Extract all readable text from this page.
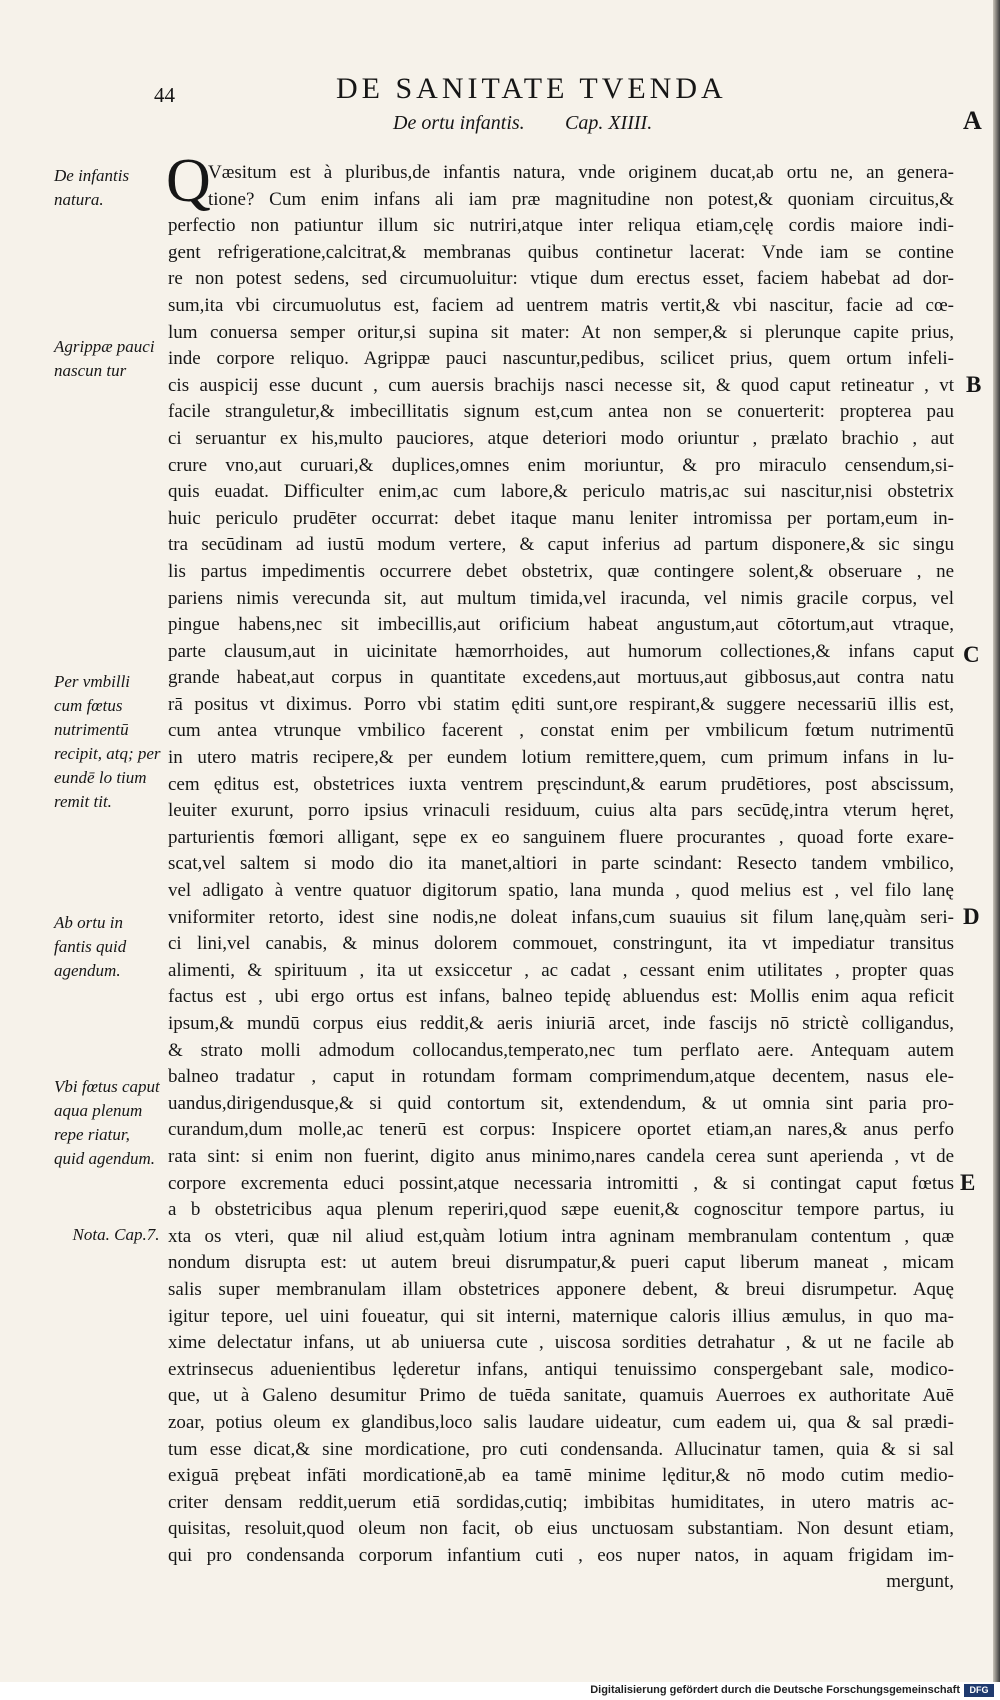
44	DE SANITATE TVENDA
De ortu infantis. Cap. XIIII.	A
B
C
D
E
De infantis natura.
Agrippæ pauci nascun tur
Per vmbilli cum fœtus nutrimentū recipit, atq; per eundē lo tium remit tit.
Ab ortu in fantis quid agendum.
Vbi fœtus caput aqua plenum repe riatur, quid agendum.
Nota. Cap.7.
Q
Væsitum est à pluribus,de infantis natura, vnde originem ducat,ab ortu ne, an genera-
tione? Cum enim infans ali iam præ magnitudine non potest,& quoniam circuitus,&
perfectio non patiuntur illum sic nutriri,atque inter reliqua etiam,cęlę cordis maiore indi-
gent refrigeratione,calcitrat,& membranas quibus continetur lacerat: Vnde iam se contine
re non potest sedens, sed circumuoluitur: vtique dum erectus esset, faciem habebat ad dor-
sum,ita vbi circumuolutus est, faciem ad uentrem matris vertit,& vbi nascitur, facie ad cœ-
lum conuersa semper oritur,si supina sit mater: At non semper,& si plerunque capite prius,
inde corpore reliquo. Agrippæ pauci nascuntur,pedibus, scilicet prius, quem ortum infeli-
cis auspicij esse ducunt , cum auersis brachijs nasci necesse sit, & quod caput retineatur , vt
facile stranguletur,& imbecillitatis signum est,cum antea non se conuerterit: propterea pau
ci seruantur ex his,multo pauciores, atque deteriori modo oriuntur , prælato brachio , aut
crure vno,aut curuari,& duplices,omnes enim moriuntur, & pro miraculo censendum,si-
quis euadat. Difficulter enim,ac cum labore,& periculo matris,ac sui nascitur,nisi obstetrix
huic periculo prudēter occurrat: debet itaque manu leniter intromissa per portam,eum in-
tra secūdinam ad iustū modum vertere, & caput inferius ad partum disponere,& sic singu
lis partus impedimentis occurrere debet obstetrix, quæ contingere solent,& obseruare , ne
pariens nimis verecunda sit, aut multum timida,vel iracunda, vel nimis gracile corpus, vel
pingue habens,nec sit imbecillis,aut orificium habeat angustum,aut cōtortum,aut vtraque,
parte clausum,aut in uicinitate hæmorrhoides, aut humorum collectiones,& infans caput
grande habeat,aut corpus in quantitate excedens,aut mortuus,aut gibbosus,aut contra natu
rā positus vt diximus. Porro vbi statim ęditi sunt,ore respirant,& suggere necessariū illis est,
cum antea vtrunque vmbilico facerent , constat enim per vmbilicum fœtum nutrimentū
in utero matris recipere,& per eundem lotium remittere,quem, cum primum infans in lu-
cem ęditus est, obstetrices iuxta ventrem pręscindunt,& earum prudētiores, post abscissum,
leuiter exurunt, porro ipsius vrinaculi residuum, cuius alta pars secūdę,intra vterum hęret,
parturientis fœmori alligant, sępe ex eo sanguinem fluere procurantes , quoad forte exare-
scat,vel saltem si modo dio ita manet,altiori in parte scindant: Resecto tandem vmbilico,
vel adligato à ventre quatuor digitorum spatio, lana munda , quod melius est , vel filo lanę
vniformiter retorto, idest sine nodis,ne doleat infans,cum suauius sit filum lanę,quàm seri-
ci lini,vel canabis, & minus dolorem commouet, constringunt, ita vt impediatur transitus
alimenti, & spirituum , ita ut exsiccetur , ac cadat , cessant enim utilitates , propter quas
factus est , ubi ergo ortus est infans, balneo tepidę abluendus est: Mollis enim aqua reficit
ipsum,& mundū corpus eius reddit,& aeris iniuriā arcet, inde fascijs nō strictè colligandus,
& strato molli admodum collocandus,temperato,nec tum perflato aere. Antequam autem
balneo tradatur , caput in rotundam formam comprimendum,atque decentem, nasus ele-
uandus,dirigendusque,& si quid contortum sit, extendendum, & ut omnia sint paria pro-
curandum,dum molle,ac tenerū est corpus: Inspicere oportet etiam,an nares,& anus perfo
rata sint: si enim non fuerint, digito anus minimo,nares candela cerea sunt aperienda , vt de
corpore excrementa educi possint,atque necessaria intromitti , & si contingat caput fœtus
a b obstetricibus aqua plenum reperiri,quod sæpe euenit,& cognoscitur tempore partus, iu
xta os vteri, quæ nil aliud est,quàm lotium intra agninam membranulam contentum , quæ
nondum disrupta est: ut autem breui disrumpatur,& pueri caput liberum maneat , micam
salis super membranulam illam obstetrices apponere debent, & breui disrumpetur. Aquę
igitur tepore, uel uini foueatur, qui sit interni, maternique caloris illius æmulus, in quo ma-
xime delectatur infans, ut ab uniuersa cute , uiscosa sordities detrahatur , & ut ne facile ab
extrinsecus aduenientibus lęderetur infans, antiqui tenuissimo conspergebant sale, modico-
que, ut à Galeno desumitur Primo de tuēda sanitate, quamuis Auerroes ex authoritate Auē
zoar, potius oleum ex glandibus,loco salis laudare uideatur, cum eadem ui, qua & sal prædi-
tum esse dicat,& sine mordicatione, pro cuti condensanda. Allucinatur tamen, quia & si sal
exiguā prębeat infāti mordicationē,ab ea tamē minime lęditur,& nō modo cutim medio-
criter densam reddit,uerum etiā sordidas,cutiq; imbibitas humiditates, in utero matris ac-
quisitas, resoluit,quod oleum non facit, ob eius unctuosam substantiam. Non desunt etiam,
qui pro condensanda corporum infantium cuti , eos nuper natos, in aquam frigidam im-
mergunt,
Digitalisierung gefördert durch die Deutsche Forschungsgemeinschaft	DFG
